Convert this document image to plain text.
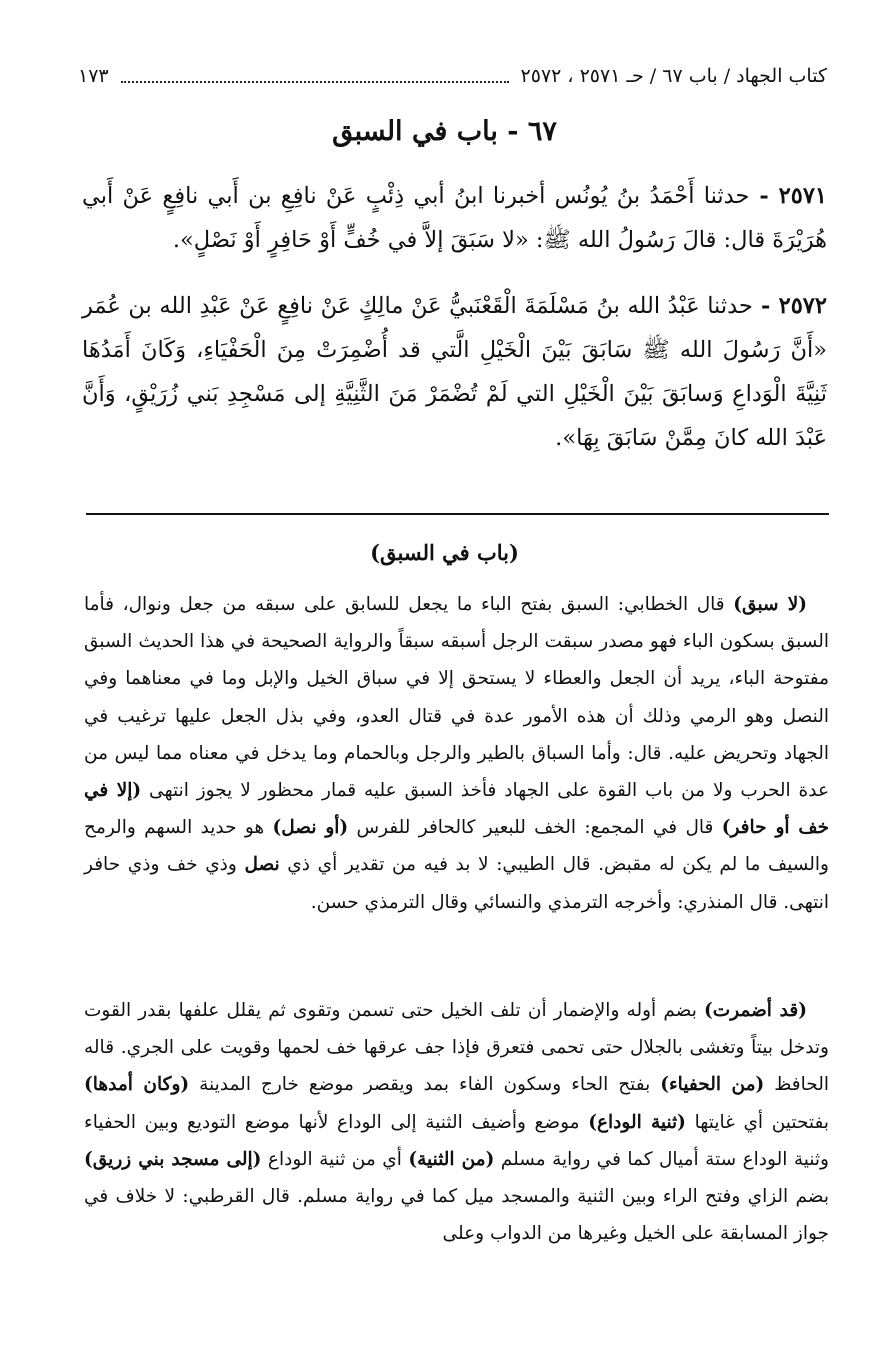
كتاب الجهاد / باب ٦٧ / حـ ٢٥٧١ ، ٢٥٧٢
١٧٣
٦٧ - باب في السبق
٢٥٧١ - حدثنا أَحْمَدُ بنُ يُونُس أخبرنا ابنُ أبي ذِئْبٍ عَنْ نافِعِ بن أَبي نافِعٍ عَنْ أَبي هُرَيْرَةَ قال: قالَ رَسُولُ الله ﷺ: «لا سَبَقَ إلاَّ في خُفٍّ أَوْ حَافِرٍ أَوْ نَصْلٍ».
٢٥٧٢ - حدثنا عَبْدُ الله بنُ مَسْلَمَةَ الْقَعْنَبيُّ عَنْ مالِكٍ عَنْ نافِعٍ عَنْ عَبْدِ الله بن عُمَر «أَنَّ رَسُولَ الله ﷺ سَابَقَ بَيْنَ الْخَيْلِ الَّتي قد أُضْمِرَتْ مِنَ الْحَفْيَاءِ، وَكَانَ أَمَدُهَا ثَنِيَّةَ الْوَداعِ وَسابَقَ بَيْنَ الْخَيْلِ التي لَمْ تُضْمَرْ مَنَ الثَّنِيَّةِ إلى مَسْجِدِ بَني زُرَيْقٍ، وَأَنَّ عَبْدَ الله كانَ مِمَّنْ سَابَقَ بِهَا».
(باب في السبق)

(لا سبق) قال الخطابي: السبق بفتح الباء ما يجعل للسابق على سبقه من جعل ونوال، فأما السبق بسكون الباء فهو مصدر سبقت الرجل أسبقه سبقاً والرواية الصحيحة في هذا الحديث السبق مفتوحة الباء، يريد أن الجعل والعطاء لا يستحق إلا في سباق الخيل والإبل وما في معناهما وفي النصل وهو الرمي وذلك أن هذه الأمور عدة في قتال العدو، وفي بذل الجعل عليها ترغيب في الجهاد وتحريض عليه. قال: وأما السباق بالطير والرجل وبالحمام وما يدخل في معناه مما ليس من عدة الحرب ولا من باب القوة على الجهاد فأخذ السبق عليه قمار محظور لا يجوز انتهى (إلا في خف أو حافر) قال في المجمع: الخف للبعير كالحافر للفرس (أو نصل) هو حديد السهم والرمح والسيف ما لم يكن له مقبض. قال الطيبي: لا بد فيه من تقدير أي ذي نصل وذي خف وذي حافر انتهى. قال المنذري: وأخرجه الترمذي والنسائي وقال الترمذي حسن.

(قد أضمرت) بضم أوله والإضمار أن تلف الخيل حتى تسمن وتقوى ثم يقلل علفها بقدر القوت وتدخل بيتاً وتغشى بالجلال حتى تحمى فتعرق فإذا جف عرقها خف لحمها وقويت على الجري. قاله الحافظ (من الحفياء) بفتح الحاء وسكون الفاء بمد ويقصر موضع خارج المدينة (وكان أمدها) بفتحتين أي غايتها (ثنية الوداع) موضع وأضيف الثنية إلى الوداع لأنها موضع التوديع وبين الحفياء وثنية الوداع ستة أميال كما في رواية مسلم (من الثنية) أي من ثنية الوداع (إلى مسجد بني زريق) بضم الزاي وفتح الراء وبين الثنية والمسجد ميل كما في رواية مسلم. قال القرطبي: لا خلاف في جواز المسابقة على الخيل وغيرها من الدواب وعلى
